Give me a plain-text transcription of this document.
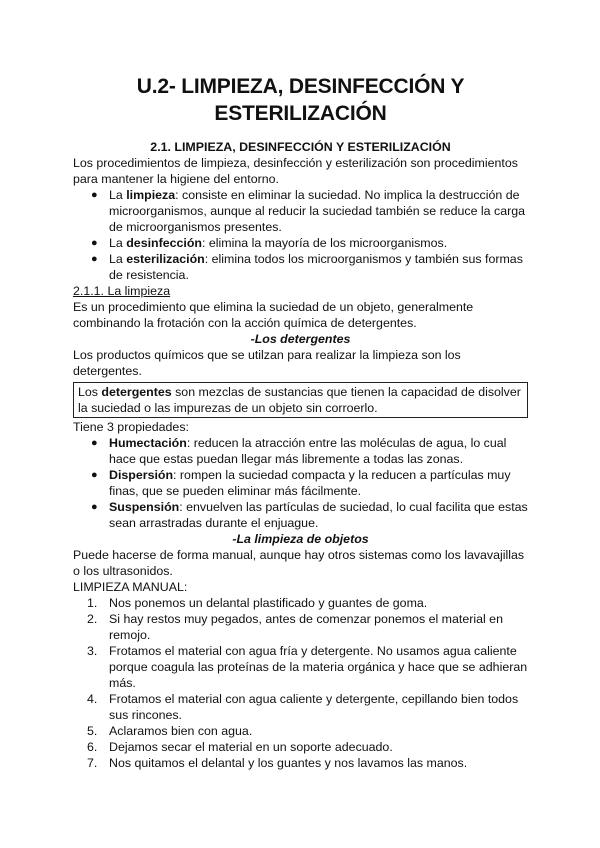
U.2- LIMPIEZA, DESINFECCIÓN Y
ESTERILIZACIÓN
2.1. LIMPIEZA, DESINFECCIÓN Y ESTERILIZACIÓN

Los procedimientos de limpieza, desinfección y esterilización son procedimientos para mantener la higiene del entorno.

● La limpieza: consiste en eliminar la suciedad. No implica la destrucción de microorganismos, aunque al reducir la suciedad también se reduce la carga de microorganismos presentes.
● La desinfección: elimina la mayoría de los microorganismos.
● La esterilización: elimina todos los microorganismos y también sus formas de resistencia.

2.1.1. La limpieza

Es un procedimiento que elimina la suciedad de un objeto, generalmente combinando la frotación con la acción química de detergentes.

-Los detergentes

Los productos químicos que se utilzan para realizar la limpieza son los detergentes.

Los detergentes son mezclas de sustancias que tienen la capacidad de disolver la suciedad o las impurezas de un objeto sin corroerlo.

Tiene 3 propiedades:

● Humectación: reducen la atracción entre las moléculas de agua, lo cual hace que estas puedan llegar más libremente a todas las zonas.
● Dispersión: rompen la suciedad compacta y la reducen a partículas muy finas, que se pueden eliminar más fácilmente.
● Suspensión: envuelven las partículas de suciedad, lo cual facilita que estas sean arrastradas durante el enjuague.

-La limpieza de objetos

Puede hacerse de forma manual, aunque hay otros sistemas como los lavavajillas o los ultrasonidos.

LIMPIEZA MANUAL:

1. Nos ponemos un delantal plastificado y guantes de goma.
2. Si hay restos muy pegados, antes de comenzar ponemos el material en remojo.
3. Frotamos el material con agua fría y detergente. No usamos agua caliente porque coagula las proteínas de la materia orgánica y hace que se adhieran más.
4. Frotamos el material con agua caliente y detergente, cepillando bien todos sus rincones.
5. Aclaramos bien con agua.
6. Dejamos secar el material en un soporte adecuado.
7. Nos quitamos el delantal y los guantes y nos lavamos las manos.
